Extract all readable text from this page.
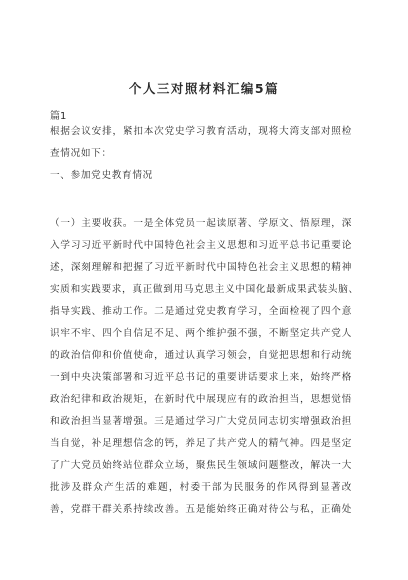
个人三对照材料汇编5篇

篇1

根据会议安排，紧扣本次党史学习教育活动，现将大湾支部对照检
查情况如下：

一、参加党史教育情况

（一）主要收获。一是全体党员一起读原著、学原文、悟原理，深
入学习习近平新时代中国特色社会主义思想和习近平总书记重要论
述，深刻理解和把握了习近平新时代中国特色社会主义思想的精神
实质和实践要求，真正做到用马克思主义中国化最新成果武装头脑、
指导实践、推动工作。二是通过党史教育学习，全面检视了四个意
识牢不牢、四个自信足不足、两个维护强不强，不断坚定共产党人
的政治信仰和价值使命，通过认真学习领会，自觉把思想和行动统
一到中央决策部署和习近平总书记的重要讲话要求上来，始终严格
政治纪律和政治规矩，在新时代中展现应有的政治担当，思想觉悟
和政治担当显著增强。三是通过学习广大党员同志切实增强政治担
当自觉，补足理想信念的钙，养足了共产党人的精气神。四是坚定
了广大党员始终站位群众立场，聚焦民生领域问题整改，解决一大
批涉及群众产生活的难题，村委干部为民服务的作风得到显著改
善，党群干群关系持续改善。五是能始终正确对待公与私，正确处
